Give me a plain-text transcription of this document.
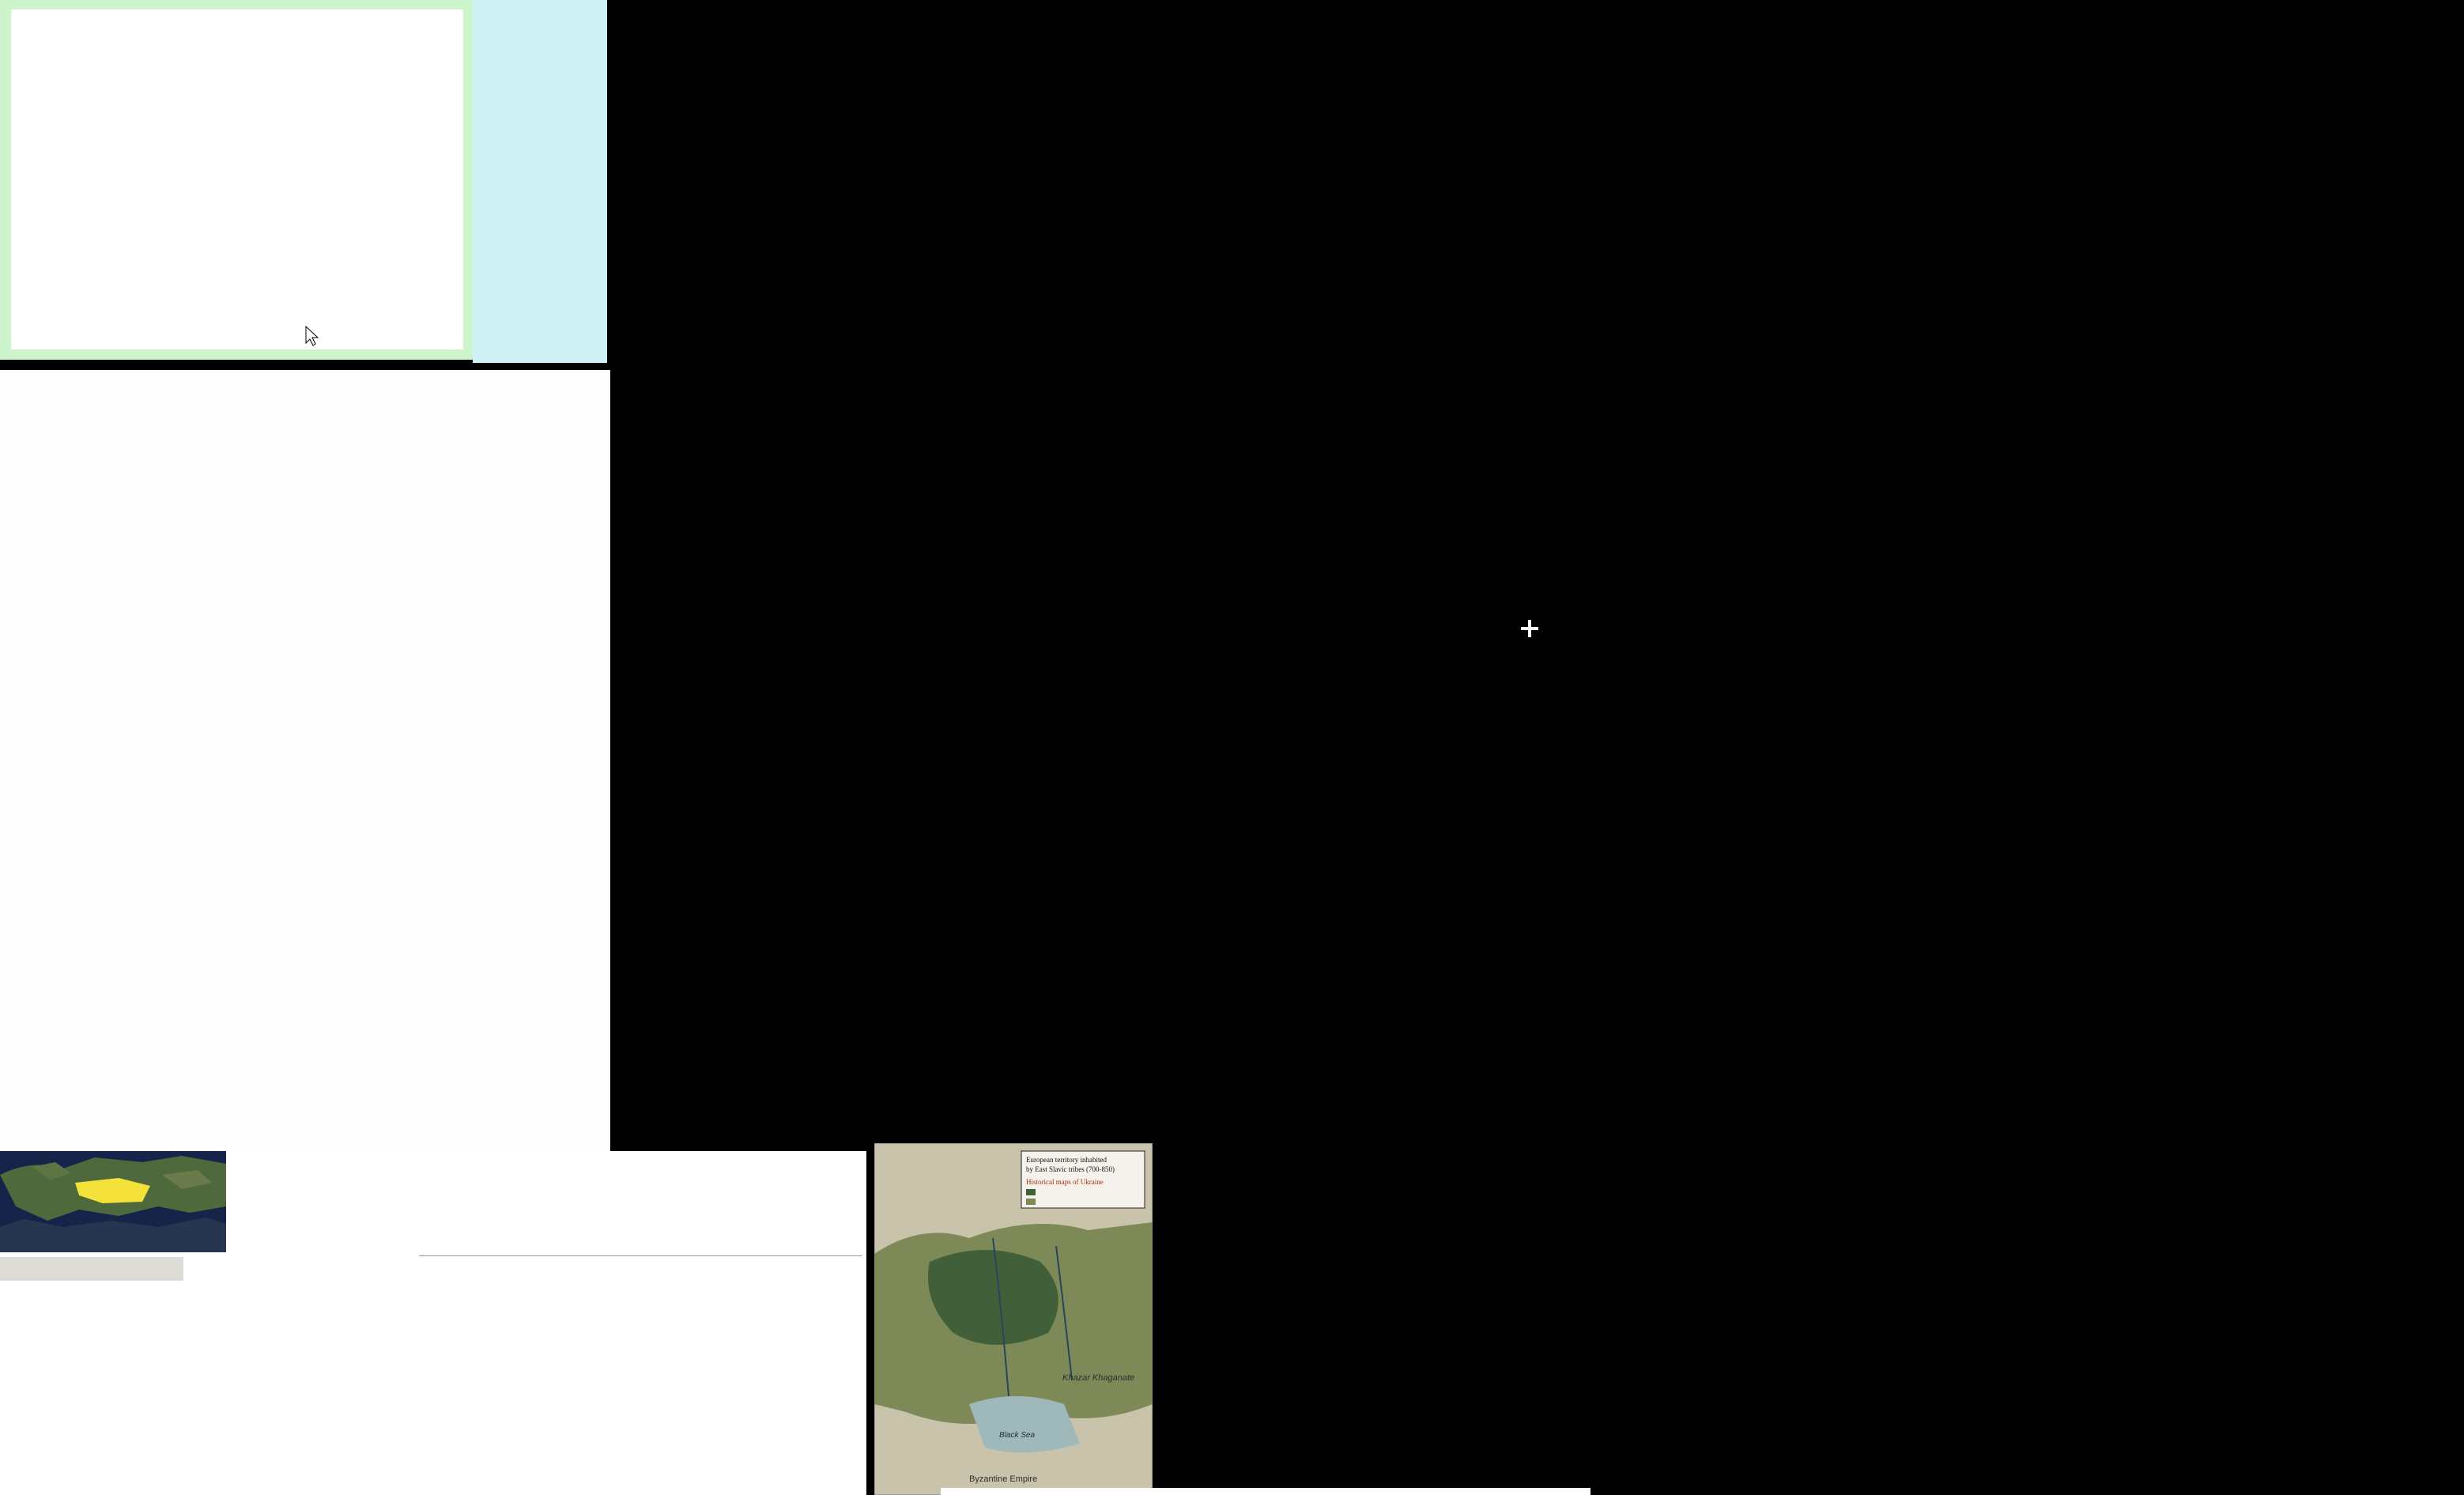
European territory inhabited
by East Slavic tribes (700-850)
Historical maps of Ukraine
Khazar Khaganate
Black Sea
Byzantine Empire
